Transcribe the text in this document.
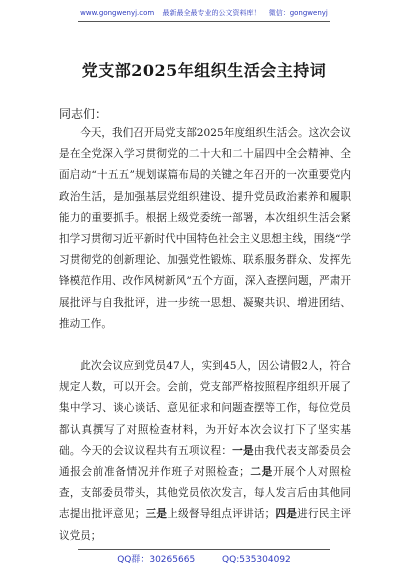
www.gongwenyj.com 最新最全最专业的公文资料库！ 微信：gongwenyj
党支部2025年组织生活会主持词
同志们：

今天，我们召开局党支部2025年度组织生活会。这次会议是在全党深入学习贯彻党的二十大和二十届四中全会精神、全面启动“十五五”规划谋篇布局的关键之年召开的一次重要党内政治生活，是加强基层党组织建设、提升党员政治素养和履职能力的重要抓手。根据上级党委统一部署，本次组织生活会紧扣学习贯彻习近平新时代中国特色社会主义思想主线，围绕“学习贯彻党的创新理论、加强党性锻炼、联系服务群众、发挥先锋模范作用、改作风树新风”五个方面，深入查摆问题，严肃开展批评与自我批评，进一步统一思想、凝聚共识、增进团结、推动工作。

此次会议应到党员47人，实到45人，因公请假2人，符合规定人数，可以开会。会前，党支部严格按照程序组织开展了集中学习、谈心谈话、意见征求和问题查摆等工作，每位党员都认真撰写了对照检查材料，为开好本次会议打下了坚实基础。今天的会议议程共有五项议程：一是由我代表支部委员会通报会前准备情况并作班子对照检查；二是开展个人对照检查，支部委员带头，其他党员依次发言，每人发言后由其他同志提出批评意见；三是上级督导组点评讲话；四是进行民主评议党员；

QQ群：30265665	QQ:535304092
